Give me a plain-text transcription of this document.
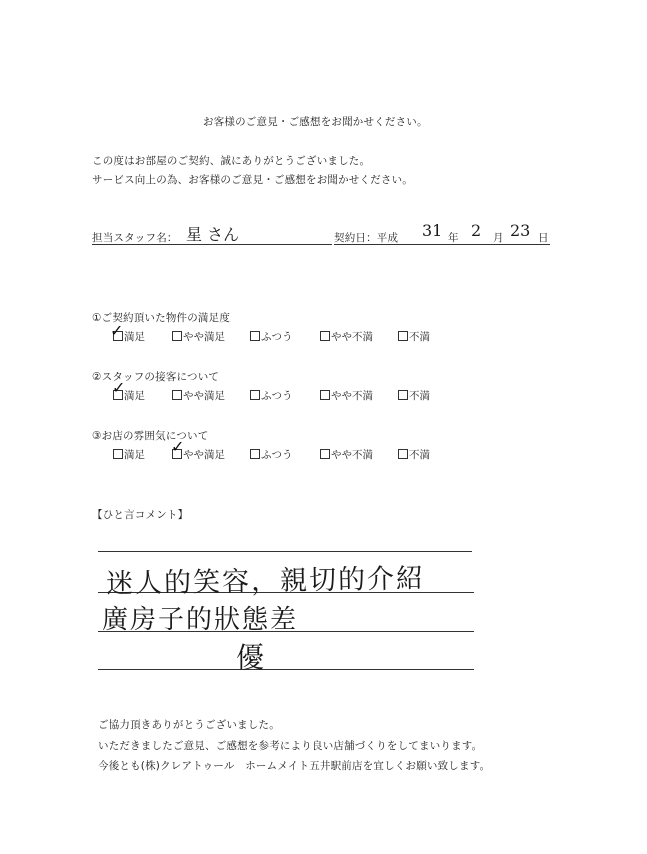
お客様のご意見・ご感想をお聞かせください。
この度はお部屋のご契約、誠にありがとうございました。
サービス向上の為、お客様のご意見・ご感想をお聞かせください。
担当スタッフ名： 星 さん	契約日：平成 31 年 2 月 23 日
①ご契約頂いた物件の満足度
満足	やや満足	ふつう	やや不満	不満
✓
②スタッフの接客について
満足	やや満足	ふつう	やや不満	不満
✓
③お店の雰囲気について
満足	やや満足	ふつう	やや不満	不満
✓
【ひと言コメント】
迷人的笑容，親切的介紹
廣房子的狀態差
優
ご協力頂きありがとうございました。
いただきましたご意見、ご感想を参考により良い店舗づくりをしてまいります。
今後とも(株)クレアトゥール　ホームメイト五井駅前店を宜しくお願い致します。
